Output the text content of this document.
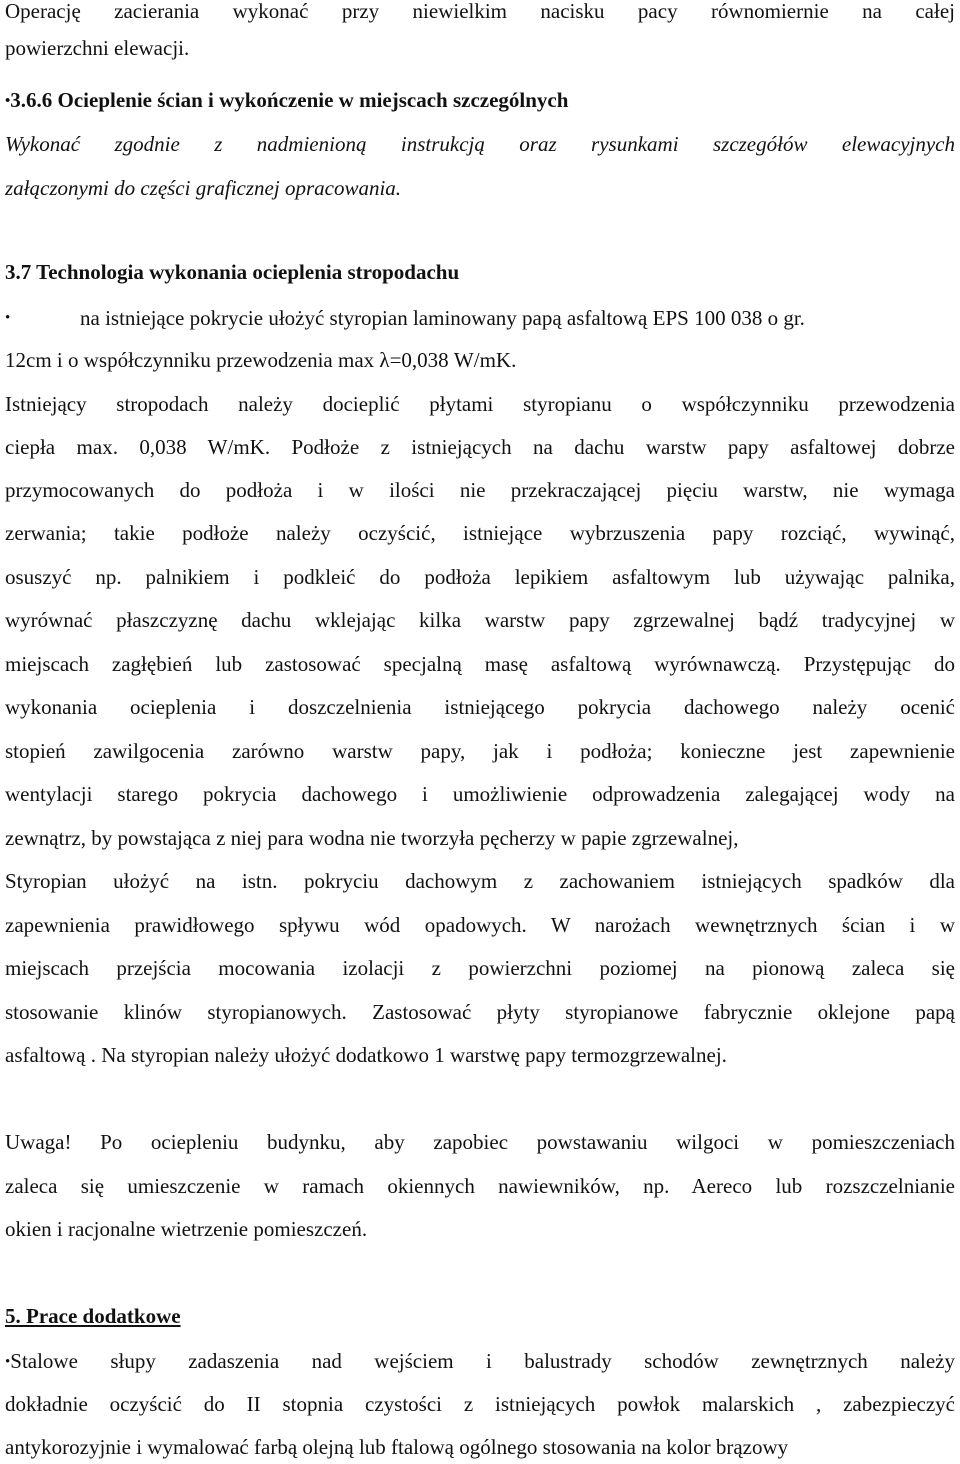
Operację zacierania wykonać przy niewielkim nacisku pacy równomiernie na całej
powierzchni elewacji.
•3.6.6 Ocieplenie ścian i wykończenie w miejscach szczególnych
Wykonać zgodnie z nadmienioną instrukcją oraz rysunkami szczegółów elewacyjnych
załączonymi do części graficznej opracowania.
3.7 Technologia wykonania ocieplenia stropodachu
•	na istniejące pokrycie ułożyć styropian laminowany papą asfaltową EPS 100 038 o gr.
12cm i o współczynniku przewodzenia max λ=0,038 W/mK.
Istniejący stropodach należy docieplić płytami styropianu o współczynniku przewodzenia
ciepła max. 0,038 W/mK. Podłoże z istniejących na dachu warstw papy asfaltowej dobrze
przymocowanych do podłoża i w ilości nie przekraczającej pięciu warstw, nie wymaga
zerwania; takie podłoże należy oczyścić, istniejące wybrzuszenia papy rozciąć, wywinąć,
osuszyć np. palnikiem i podkleić do podłoża lepikiem asfaltowym lub używając palnika,
wyrównać płaszczyznę dachu wklejając kilka warstw papy zgrzewalnej bądź tradycyjnej w
miejscach zagłębień lub zastosować specjalną masę asfaltową wyrównawczą. Przystępując do
wykonania ocieplenia i doszczelnienia istniejącego pokrycia dachowego należy ocenić
stopień zawilgocenia zarówno warstw papy, jak i podłoża; konieczne jest zapewnienie
wentylacji starego pokrycia dachowego i umożliwienie odprowadzenia zalegającej wody na
zewnątrz, by powstająca z niej para wodna nie tworzyła pęcherzy w papie zgrzewalnej,
Styropian ułożyć na istn. pokryciu dachowym z zachowaniem istniejących spadków dla
zapewnienia prawidłowego spływu wód opadowych. W narożach wewnętrznych ścian i w
miejscach przejścia mocowania izolacji z powierzchni poziomej na pionową zaleca się
stosowanie klinów styropianowych. Zastosować płyty styropianowe fabrycznie oklejone papą
asfaltową . Na styropian należy ułożyć dodatkowo 1 warstwę papy termozgrzewalnej.
Uwaga! Po ociepleniu budynku, aby zapobiec powstawaniu wilgoci w pomieszczeniach
zaleca się umieszczenie w ramach okiennych nawiewników, np. Aereco lub rozszczelnianie
okien i racjonalne wietrzenie pomieszczeń.
5. Prace dodatkowe
•Stalowe słupy zadaszenia nad wejściem i balustrady schodów zewnętrznych należy
dokładnie oczyścić do II stopnia czystości z istniejących powłok malarskich , zabezpieczyć
antykorozyjnie i wymalować farbą olejną lub ftalową ogólnego stosowania na kolor brązowy
